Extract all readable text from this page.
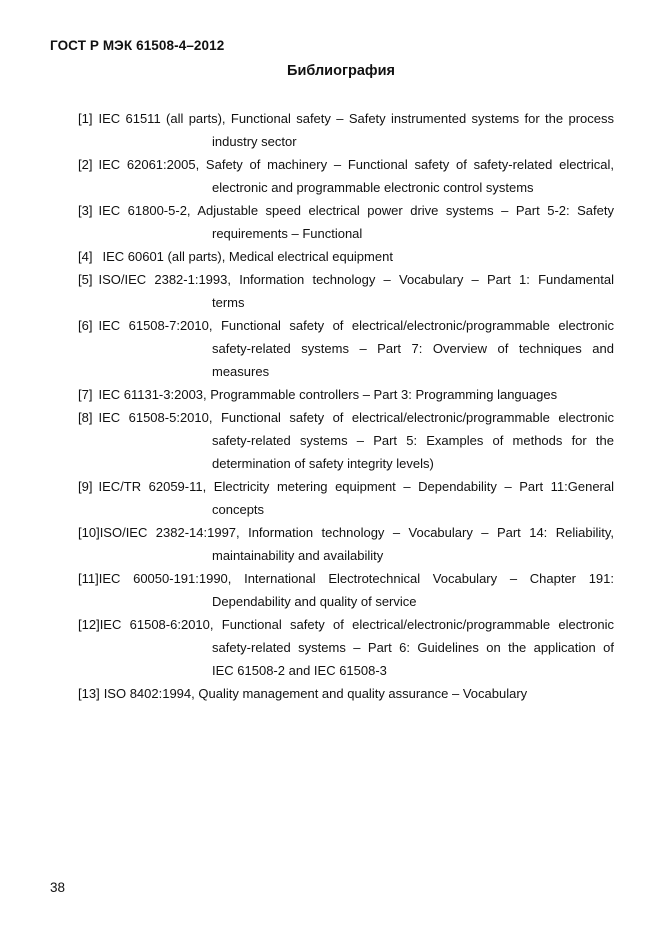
ГОСТ Р МЭК 61508-4–2012
Библиография
[1] IEC 61511 (all parts), Functional safety – Safety instrumented systems for the process
industry sector
[2] IEC 62061:2005, Safety of machinery – Functional safety of safety-related electrical,
electronic and programmable electronic control systems
[3] IEC 61800-5-2, Adjustable speed electrical power drive systems – Part 5-2: Safety
requirements – Functional
[4] IEC 60601 (all parts), Medical electrical equipment
[5] ISO/IEC 2382-1:1993, Information technology – Vocabulary – Part 1: Fundamental
terms
[6] IEC 61508-7:2010, Functional safety of electrical/electronic/programmable electronic
safety-related systems – Part 7: Overview of techniques and
measures
[7] IEC 61131-3:2003, Programmable controllers – Part 3: Programming languages
[8] IEC 61508-5:2010, Functional safety of electrical/electronic/programmable electronic
safety-related systems – Part 5: Examples of methods for the
determination of safety integrity levels)
[9] IEC/TR 62059-11, Electricity metering equipment – Dependability – Part 11:General
concepts
[10] ISO/IEC 2382-14:1997, Information technology – Vocabulary – Part 14: Reliability,
maintainability and availability
[11] IEC 60050-191:1990, International Electrotechnical Vocabulary – Chapter 191:
Dependability and quality of service
[12] IEC 61508-6:2010, Functional safety of electrical/electronic/programmable electronic
safety-related systems – Part 6: Guidelines on the application of
IEC 61508-2 and IEC 61508-3
[13] ISO 8402:1994, Quality management and quality assurance – Vocabulary
38
